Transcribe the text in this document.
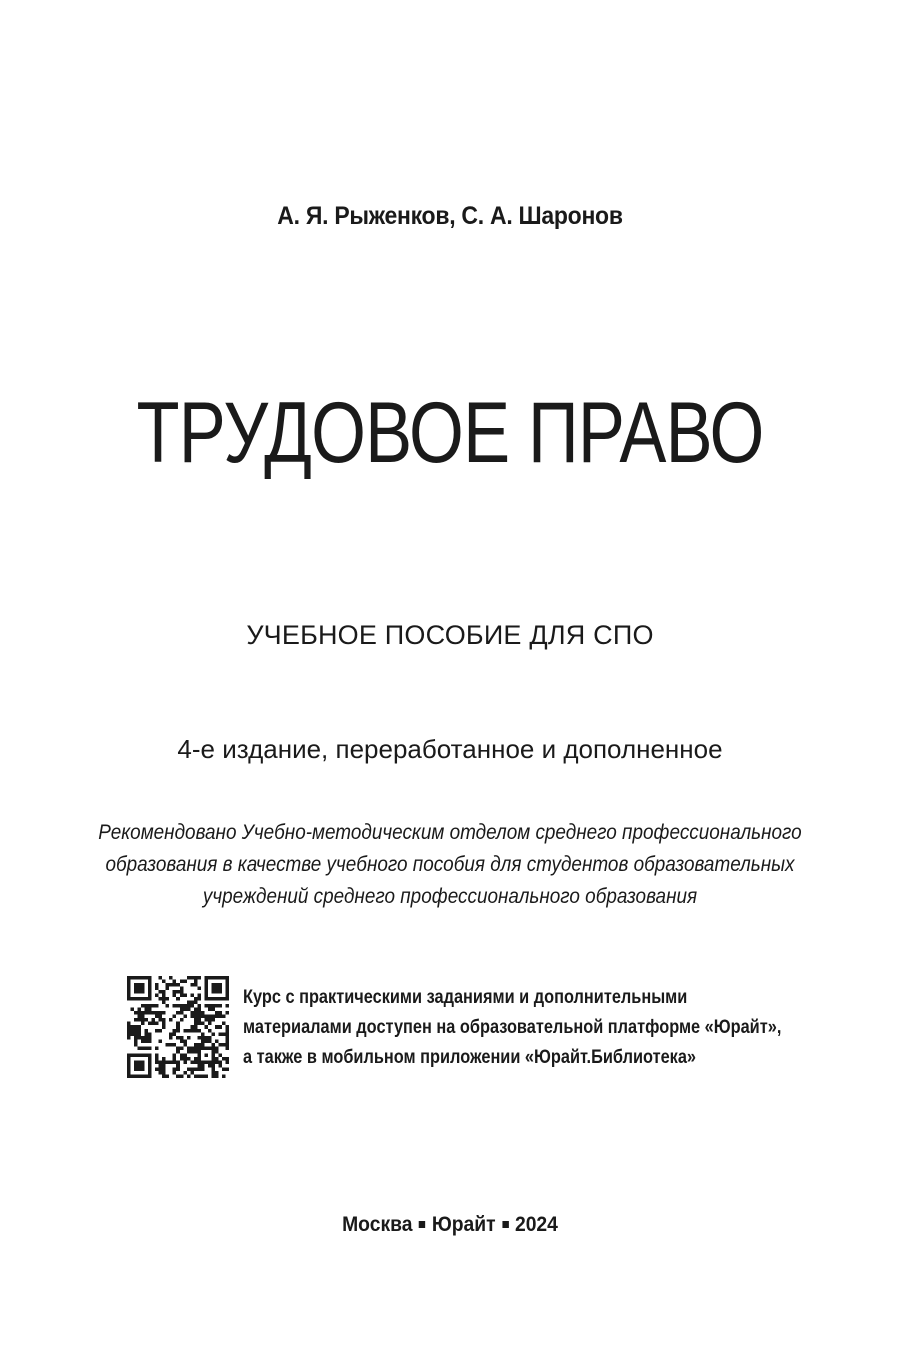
А. Я. Рыженков, С. А. Шаронов
ТРУДОВОЕ ПРАВО
УЧЕБНОЕ ПОСОБИЕ ДЛЯ СПО
4-е издание, переработанное и дополненное
Рекомендовано Учебно-методическим отделом среднего профессионального
образования в качестве учебного пособия для студентов образовательных
учреждений среднего профессионального образования
Курс с практическими заданиями и дополнительными
материалами доступен на образовательной платформе «Юрайт»,
а также в мобильном приложении «Юрайт.Библиотека»
Москва Юрайт 2024
